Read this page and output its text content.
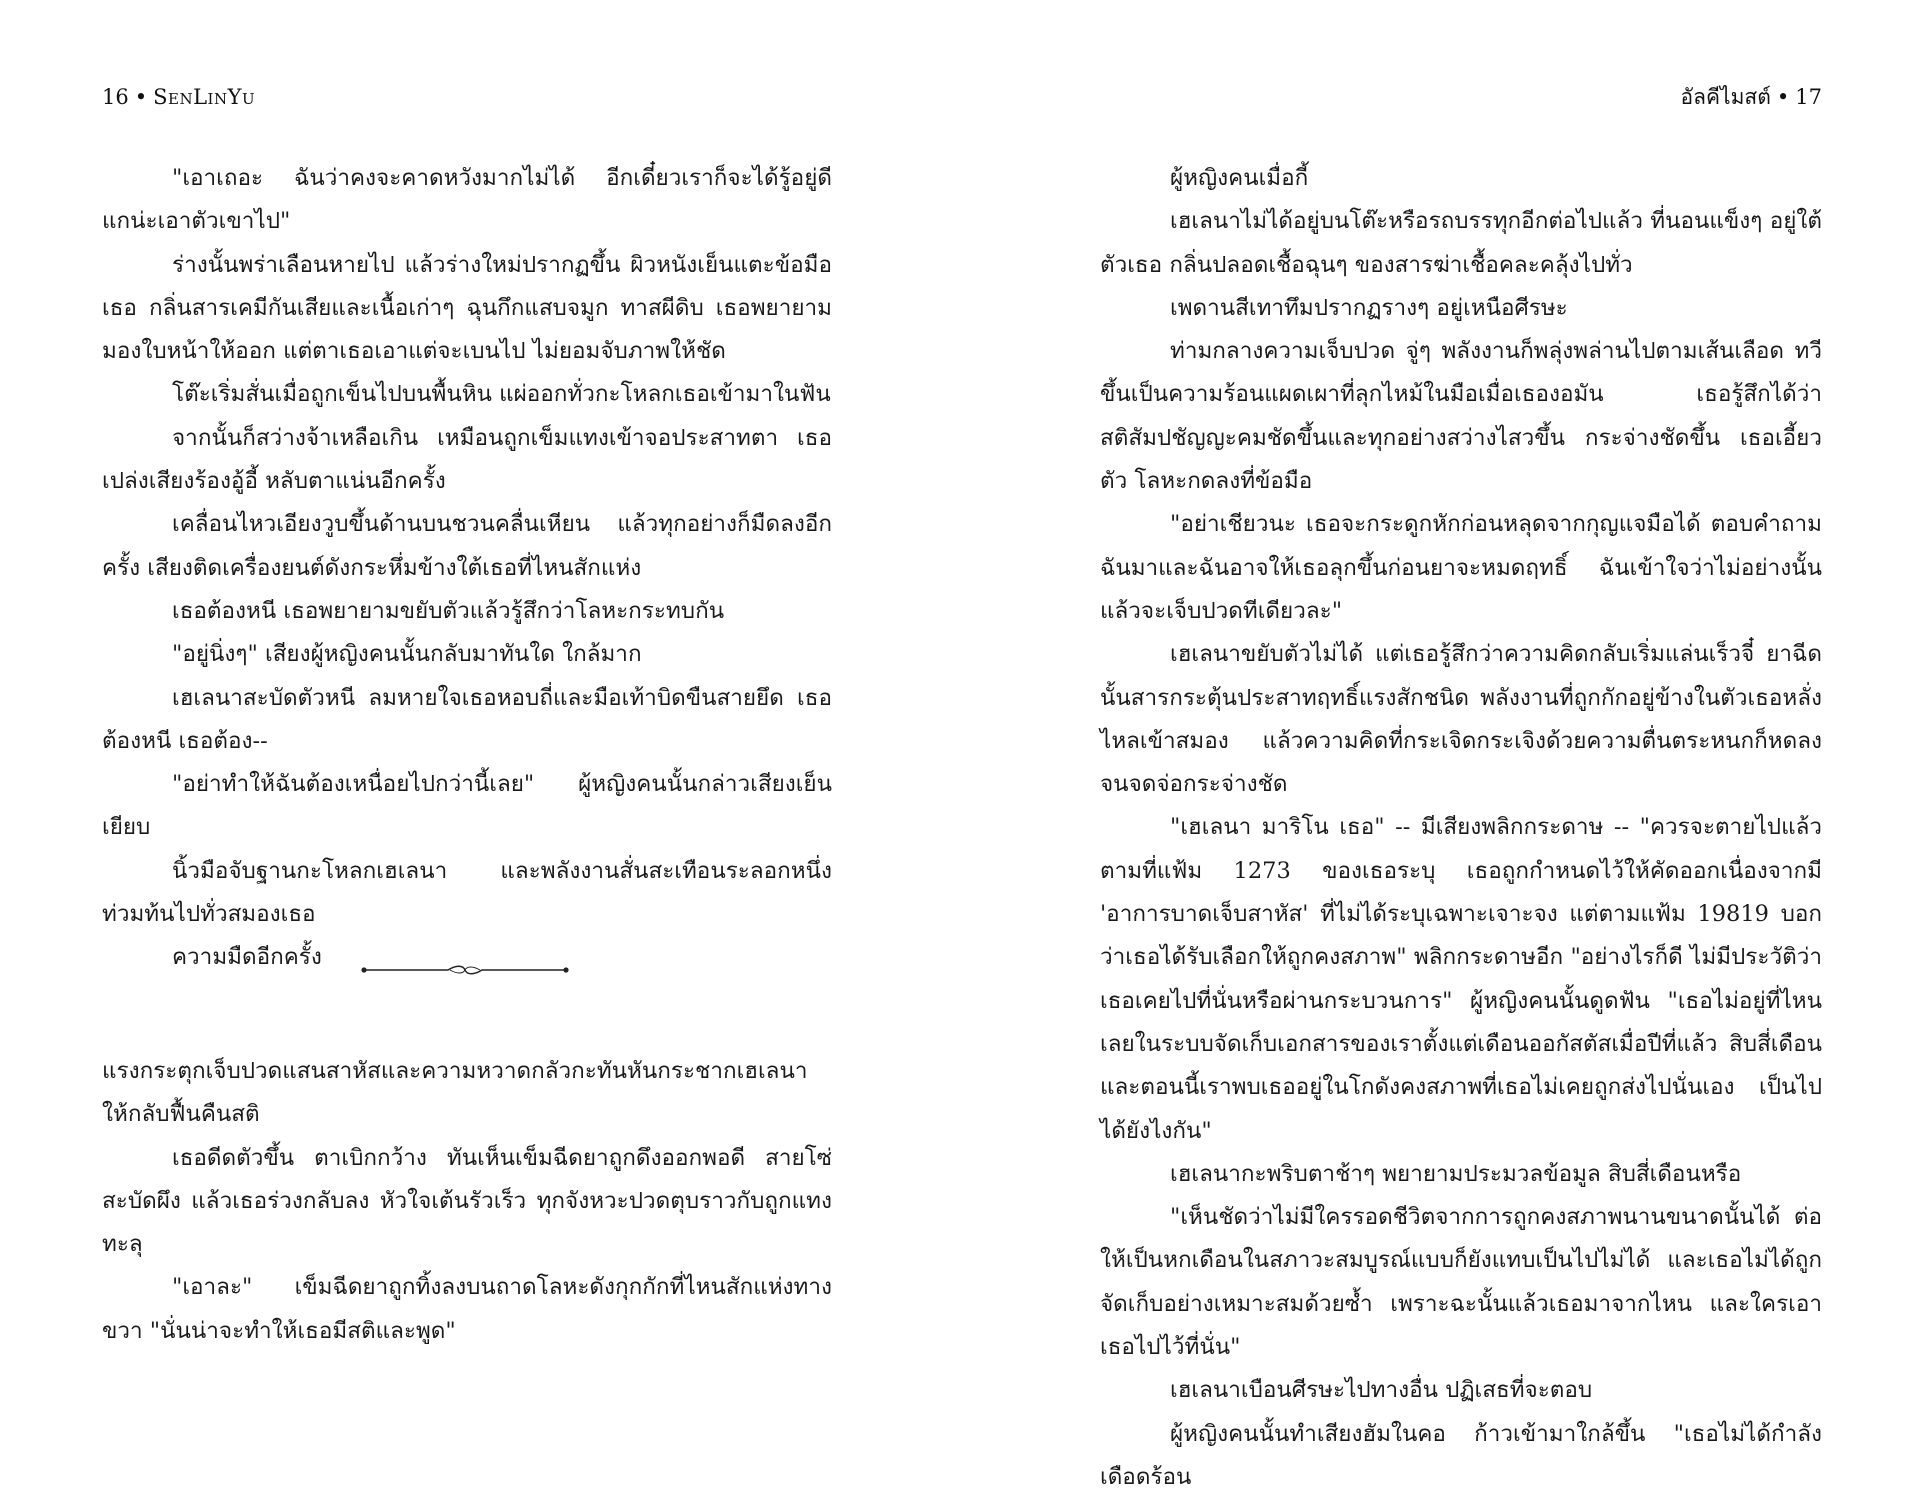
16 • SenLinYu

"เอาเถอะ ฉันว่าคงจะคาดหวังมากไม่ได้ อีกเดี๋ยวเราก็จะได้รู้อยู่ดี แกน่ะเอาตัวเขาไป"

ร่างนั้นพร่าเลือนหายไป แล้วร่างใหม่ปรากฏขึ้น ผิวหนังเย็นแตะข้อมือเธอ กลิ่นสารเคมีกันเสียและเนื้อเก่าๆ ฉุนกึกแสบจมูก ทาสผีดิบ เธอพยายามมองใบหน้าให้ออก แต่ตาเธอเอาแต่จะเบนไป ไม่ยอมจับภาพให้ชัด

โต๊ะเริ่มสั่นเมื่อถูกเข็นไปบนพื้นหิน แผ่ออกทั่วกะโหลกเธอเข้ามาในฟัน

จากนั้นก็สว่างจ้าเหลือเกิน เหมือนถูกเข็มแทงเข้าจอประสาทตา เธอเปล่งเสียงร้องอู้อี้ หลับตาแน่นอีกครั้ง

เคลื่อนไหวเอียงวูบขึ้นด้านบนชวนคลื่นเหียน แล้วทุกอย่างก็มืดลงอีกครั้ง เสียงติดเครื่องยนต์ดังกระหึ่มข้างใต้เธอที่ไหนสักแห่ง

เธอต้องหนี เธอพยายามขยับตัวแล้วรู้สึกว่าโลหะกระทบกัน

"อยู่นิ่งๆ" เสียงผู้หญิงคนนั้นกลับมาทันใด ใกล้มาก

เฮเลนาสะบัดตัวหนี ลมหายใจเธอหอบถี่และมือเท้าบิดขืนสายยึด เธอต้องหนี เธอต้อง--

"อย่าทำให้ฉันต้องเหนื่อยไปกว่านี้เลย" ผู้หญิงคนนั้นกล่าวเสียงเย็นเยียบ

นิ้วมือจับฐานกะโหลกเฮเลนา และพลังงานสั่นสะเทือนระลอกหนึ่งท่วมท้นไปทั่วสมองเธอ

ความมืดอีกครั้ง

แรงกระตุกเจ็บปวดแสนสาหัสและความหวาดกลัวกะทันหันกระชากเฮเลนาให้กลับฟื้นคืนสติ

เธอดีดตัวขึ้น ตาเบิกกว้าง ทันเห็นเข็มฉีดยาถูกดึงออกพอดี สายโซ่สะบัดผึง แล้วเธอร่วงกลับลง หัวใจเต้นรัวเร็ว ทุกจังหวะปวดตุบราวกับถูกแทงทะลุ

"เอาละ" เข็มฉีดยาถูกทิ้งลงบนถาดโลหะดังกุกกักที่ไหนสักแห่งทางขวา "นั่นน่าจะทำให้เธอมีสติและพูด"

อัลคีไมสต์ • 17

ผู้หญิงคนเมื่อกี้

เฮเลนาไม่ได้อยู่บนโต๊ะหรือรถบรรทุกอีกต่อไปแล้ว ที่นอนแข็งๆ อยู่ใต้ตัวเธอ กลิ่นปลอดเชื้อฉุนๆ ของสารฆ่าเชื้อคละคลุ้งไปทั่ว

เพดานสีเทาทึมปรากฏรางๆ อยู่เหนือศีรษะ

ท่ามกลางความเจ็บปวด จู่ๆ พลังงานก็พลุ่งพล่านไปตามเส้นเลือด ทวีขึ้นเป็นความร้อนแผดเผาที่ลุกไหม้ในมือเมื่อเธองอมัน เธอรู้สึกได้ว่าสติสัมปชัญญะคมชัดขึ้นและทุกอย่างสว่างไสวขึ้น กระจ่างชัดขึ้น เธอเอี้ยวตัว โลหะกดลงที่ข้อมือ

"อย่าเชียวนะ เธอจะกระดูกหักก่อนหลุดจากกุญแจมือได้ ตอบคำถามฉันมาและฉันอาจให้เธอลุกขึ้นก่อนยาจะหมดฤทธิ์ ฉันเข้าใจว่าไม่อย่างนั้นแล้วจะเจ็บปวดทีเดียวละ"

เฮเลนาขยับตัวไม่ได้ แต่เธอรู้สึกว่าความคิดกลับเริ่มแล่นเร็วจี๋ ยาฉีดนั้นสารกระตุ้นประสาทฤทธิ์แรงสักชนิด พลังงานที่ถูกกักอยู่ข้างในตัวเธอหลั่งไหลเข้าสมอง แล้วความคิดที่กระเจิดกระเจิงด้วยความตื่นตระหนกก็หดลงจนจดจ่อกระจ่างชัด

"เฮเลนา มาริโน เธอ" -- มีเสียงพลิกกระดาษ -- "ควรจะตายไปแล้วตามที่แฟ้ม 1273 ของเธอระบุ เธอถูกกำหนดไว้ให้คัดออกเนื่องจากมี 'อาการบาดเจ็บสาหัส' ที่ไม่ได้ระบุเฉพาะเจาะจง แต่ตามแฟ้ม 19819 บอกว่าเธอได้รับเลือกให้ถูกคงสภาพ" พลิกกระดาษอีก "อย่างไรก็ดี ไม่มีประวัติว่าเธอเคยไปที่นั่นหรือผ่านกระบวนการ" ผู้หญิงคนนั้นดูดฟัน "เธอไม่อยู่ที่ไหนเลยในระบบจัดเก็บเอกสารของเราตั้งแต่เดือนออกัสตัสเมื่อปีที่แล้ว สิบสี่เดือน และตอนนี้เราพบเธออยู่ในโกดังคงสภาพที่เธอไม่เคยถูกส่งไปนั่นเอง เป็นไปได้ยังไงกัน"

เฮเลนากะพริบตาช้าๆ พยายามประมวลข้อมูล สิบสี่เดือนหรือ

"เห็นชัดว่าไม่มีใครรอดชีวิตจากการถูกคงสภาพนานขนาดนั้นได้ ต่อให้เป็นหกเดือนในสภาวะสมบูรณ์แบบก็ยังแทบเป็นไปไม่ได้ และเธอไม่ได้ถูกจัดเก็บอย่างเหมาะสมด้วยซ้ำ เพราะฉะนั้นแล้วเธอมาจากไหน และใครเอาเธอไปไว้ที่นั่น"

เฮเลนาเบือนศีรษะไปทางอื่น ปฏิเสธที่จะตอบ

ผู้หญิงคนนั้นทำเสียงฮัมในคอ ก้าวเข้ามาใกล้ขึ้น "เธอไม่ได้กำลังเดือดร้อน
